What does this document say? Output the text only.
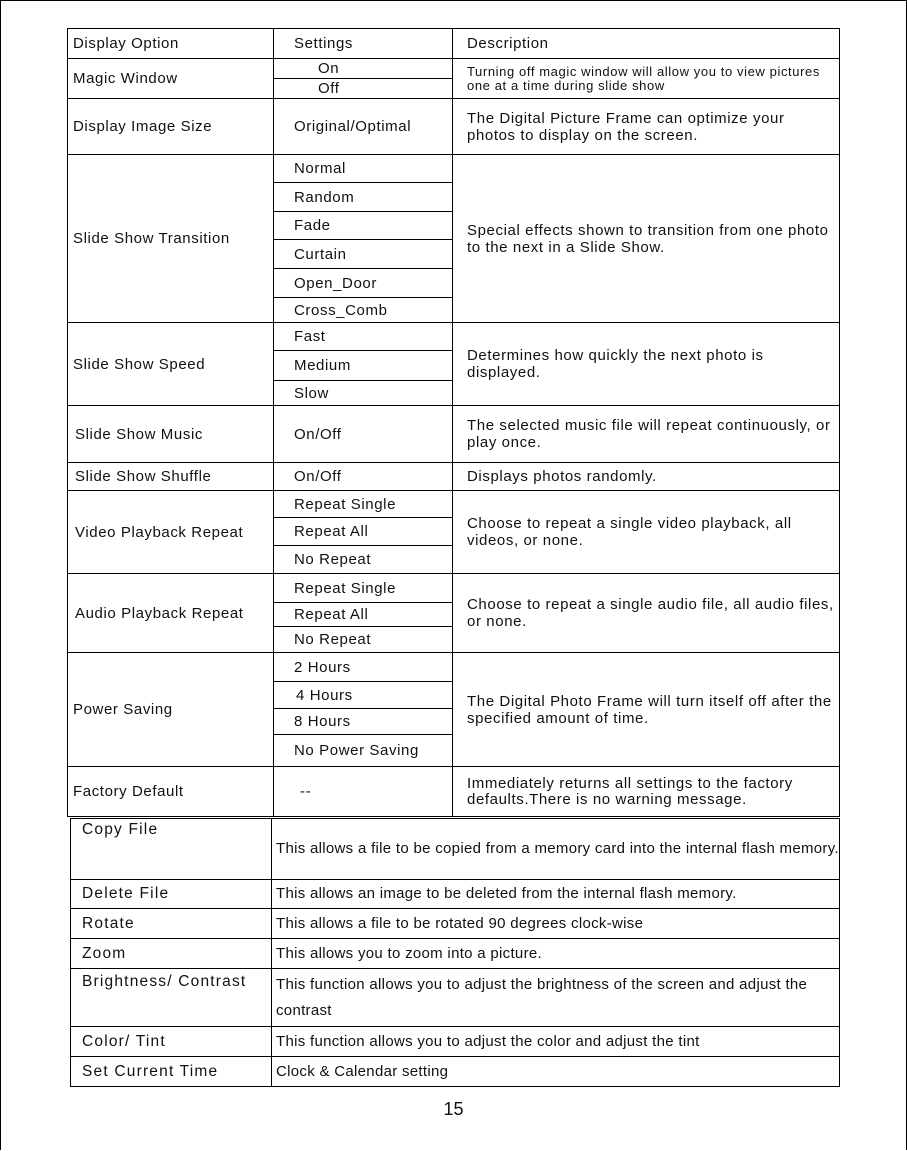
Display Option	Settings	Description
Magic Window	On	Turning off magic window will allow you to view pictures one at a time during slide show
	Off	
Display Image Size	Original/Optimal	The Digital Picture Frame can optimize your photos to display on the screen.
Slide Show Transition	Normal	Special effects shown to transition from one photo to the next in a Slide Show.
	Random	
	Fade	
	Curtain	
	Open_Door	
	Cross_Comb	
Slide Show Speed	Fast	Determines how quickly the next photo is displayed.
	Medium	
	Slow	
Slide Show Music	On/Off	The selected music file will repeat continuously, or play once.
Slide Show Shuffle	On/Off	Displays photos randomly.
Video Playback Repeat	Repeat Single	Choose to repeat a single video playback, all videos, or none.
	Repeat All	
	No Repeat	
Audio Playback Repeat	Repeat Single	Choose to repeat a single audio file, all audio files, or none.
	Repeat All	
	No Repeat	
Power Saving	2 Hours	The Digital Photo Frame will turn itself off after the specified amount of time.
	4 Hours	
	8 Hours	
	No Power Saving	
Factory Default	--	Immediately returns all settings to the factory defaults.There is no warning message.
Copy File	This allows a file to be copied from a memory card into the internal flash memory.
Delete File	This allows an image to be deleted from the internal flash memory.
Rotate	This allows a file to be rotated 90 degrees clock-wise
Zoom	This allows you to zoom into a picture.
Brightness/ Contrast	This function allows you to adjust the brightness of the screen and adjust the contrast
Color/ Tint	This function allows you to adjust the color and adjust the tint
Set Current Time	Clock & Calendar setting
15
